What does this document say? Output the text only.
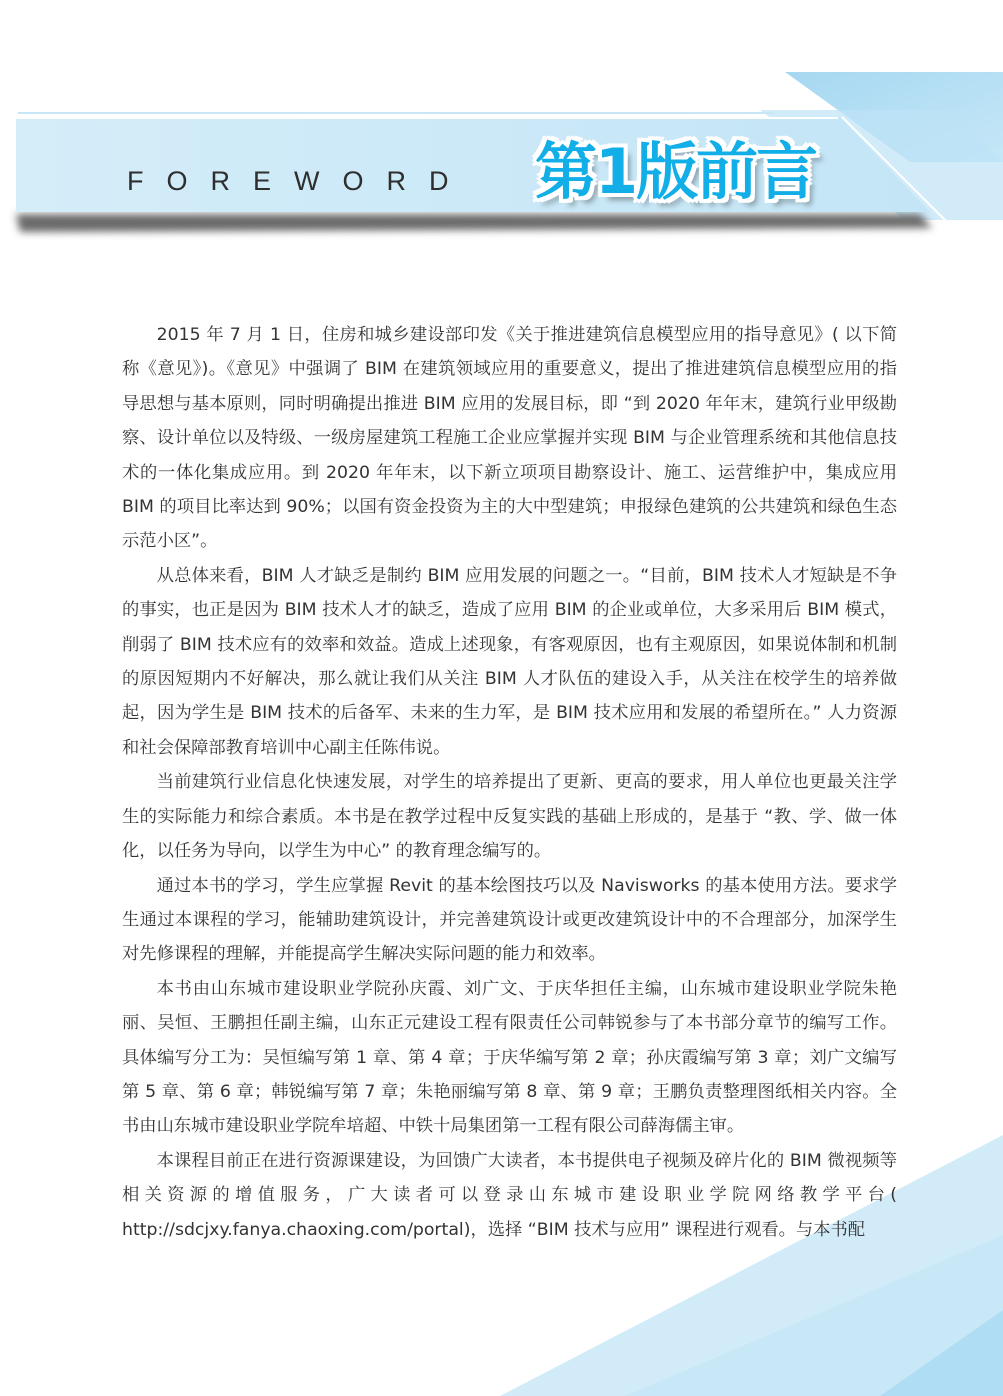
FOREWORD 第1版前言

2015 年 7 月 1 日，住房和城乡建设部印发《关于推进建筑信息模型应用的指导意见》( 以下简称《意见》)。《意见》中强调了 BIM 在建筑领域应用的重要意义，提出了推进建筑信息模型应用的指导思想与基本原则，同时明确提出推进 BIM 应用的发展目标，即 “到 2020 年年末，建筑行业甲级勘察、设计单位以及特级、一级房屋建筑工程施工企业应掌握并实现 BIM 与企业管理系统和其他信息技术的一体化集成应用。到 2020 年年末，以下新立项项目勘察设计、施工、运营维护中，集成应用 BIM 的项目比率达到 90%；以国有资金投资为主的大中型建筑；申报绿色建筑的公共建筑和绿色生态示范小区”。

从总体来看，BIM 人才缺乏是制约 BIM 应用发展的问题之一。“目前，BIM 技术人才短缺是不争的事实，也正是因为 BIM 技术人才的缺乏，造成了应用 BIM 的企业或单位，大多采用后 BIM 模式，削弱了 BIM 技术应有的效率和效益。造成上述现象，有客观原因，也有主观原因，如果说体制和机制的原因短期内不好解决，那么就让我们从关注 BIM 人才队伍的建设入手，从关注在校学生的培养做起，因为学生是 BIM 技术的后备军、未来的生力军，是 BIM 技术应用和发展的希望所在。” 人力资源和社会保障部教育培训中心副主任陈伟说。

当前建筑行业信息化快速发展，对学生的培养提出了更新、更高的要求，用人单位也更最关注学生的实际能力和综合素质。本书是在教学过程中反复实践的基础上形成的，是基于 “教、学、做一体化，以任务为导向，以学生为中心” 的教育理念编写的。

通过本书的学习，学生应掌握 Revit 的基本绘图技巧以及 Navisworks 的基本使用方法。要求学生通过本课程的学习，能辅助建筑设计，并完善建筑设计或更改建筑设计中的不合理部分，加深学生对先修课程的理解，并能提高学生解决实际问题的能力和效率。

本书由山东城市建设职业学院孙庆霞、刘广文、于庆华担任主编，山东城市建设职业学院朱艳丽、吴恒、王鹏担任副主编，山东正元建设工程有限责任公司韩锐参与了本书部分章节的编写工作。具体编写分工为：吴恒编写第 1 章、第 4 章；于庆华编写第 2 章；孙庆霞编写第 3 章；刘广文编写第 5 章、第 6 章；韩锐编写第 7 章；朱艳丽编写第 8 章、第 9 章；王鹏负责整理图纸相关内容。全书由山东城市建设职业学院牟培超、中铁十局集团第一工程有限公司薛海儒主审。

本课程目前正在进行资源课建设，为回馈广大读者，本书提供电子视频及碎片化的 BIM 微视频等相关资源的增值服务，广大读者可以登录山东城市建设职业学院网络教学平台( http://sdcjxy.fanya.chaoxing.com/portal)，选择 “BIM 技术与应用” 课程进行观看。与本书配
